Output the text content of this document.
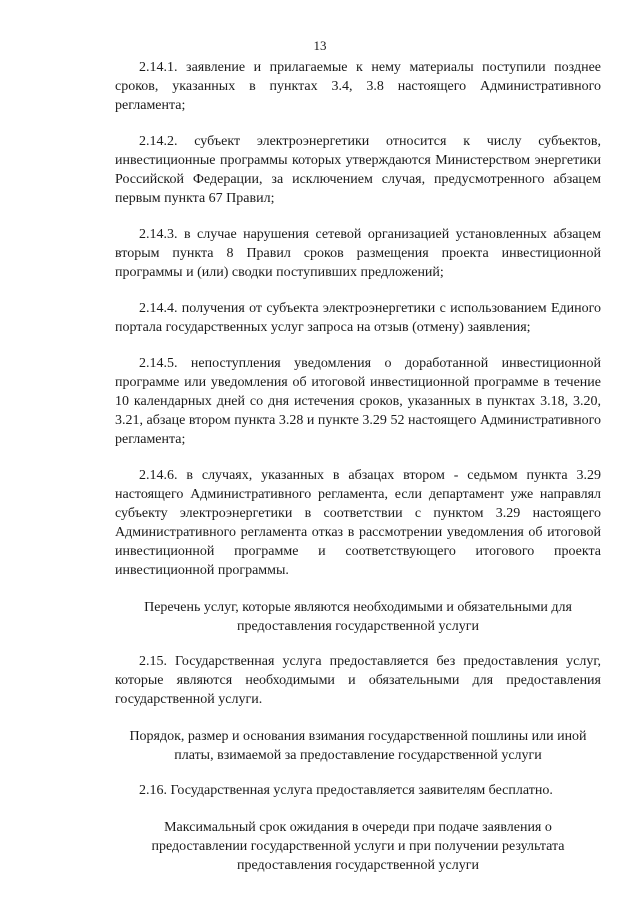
13

2.14.1. заявление и прилагаемые к нему материалы поступили позднее сроков, указанных в пунктах 3.4, 3.8 настоящего Административного регламента;

2.14.2. субъект электроэнергетики относится к числу субъектов, инвестиционные программы которых утверждаются Министерством энергетики Российской Федерации, за исключением случая, предусмотренного абзацем первым пункта 67 Правил;

2.14.3. в случае нарушения сетевой организацией установленных абзацем вторым пункта 8 Правил сроков размещения проекта инвестиционной программы и (или) сводки поступивших предложений;

2.14.4. получения от субъекта электроэнергетики с использованием Единого портала государственных услуг запроса на отзыв (отмену) заявления;

2.14.5. непоступления уведомления о доработанной инвестиционной программе или уведомления об итоговой инвестиционной программе в течение 10 календарных дней со дня истечения сроков, указанных в пунктах 3.18, 3.20, 3.21, абзаце втором пункта 3.28 и пункте 3.29 52 настоящего Административного регламента;

2.14.6. в случаях, указанных в абзацах втором - седьмом пункта 3.29 настоящего Административного регламента, если департамент уже направлял субъекту электроэнергетики в соответствии с пунктом 3.29 настоящего Административного регламента отказ в рассмотрении уведомления об итоговой инвестиционной программе и соответствующего итогового проекта инвестиционной программы.

Перечень услуг, которые являются необходимыми и обязательными для предоставления государственной услуги

2.15. Государственная услуга предоставляется без предоставления услуг, которые являются необходимыми и обязательными для предоставления государственной услуги.

Порядок, размер и основания взимания государственной пошлины или иной платы, взимаемой за предоставление государственной услуги

2.16. Государственная услуга предоставляется заявителям бесплатно.

Максимальный срок ожидания в очереди при подаче заявления о предоставлении государственной услуги и при получении результата предоставления государственной услуги
